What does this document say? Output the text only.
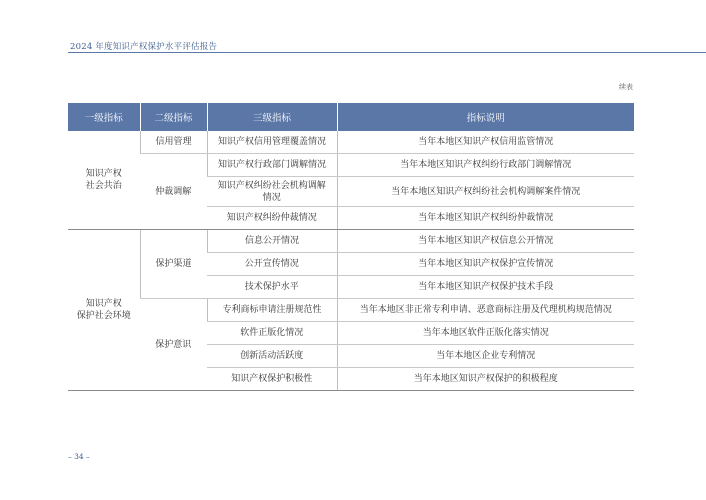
2024 年度知识产权保护水平评估报告
续表
一级指标	二级指标	三级指标	指标说明
知识产权
社会共治	信用管理	知识产权信用管理覆盖情况	当年本地区知识产权信用监管情况
	仲裁调解	知识产权行政部门调解情况	当年本地区知识产权纠纷行政部门调解情况
		知识产权纠纷社会机构调解
情况	当年本地区知识产权纠纷社会机构调解案件情况
		知识产权纠纷仲裁情况	当年本地区知识产权纠纷仲裁情况
知识产权
保护社会环境	保护渠道	信息公开情况	当年本地区知识产权信息公开情况
		公开宣传情况	当年本地区知识产权保护宣传情况
		技术保护水平	当年本地区知识产权保护技术手段
	保护意识	专利商标申请注册规范性	当年本地区非正常专利申请、恶意商标注册及代理机构规范情况
		软件正版化情况	当年本地区软件正版化落实情况
		创新活动活跃度	当年本地区企业专利情况
		知识产权保护积极性	当年本地区知识产权保护的积极程度
– 34 –
